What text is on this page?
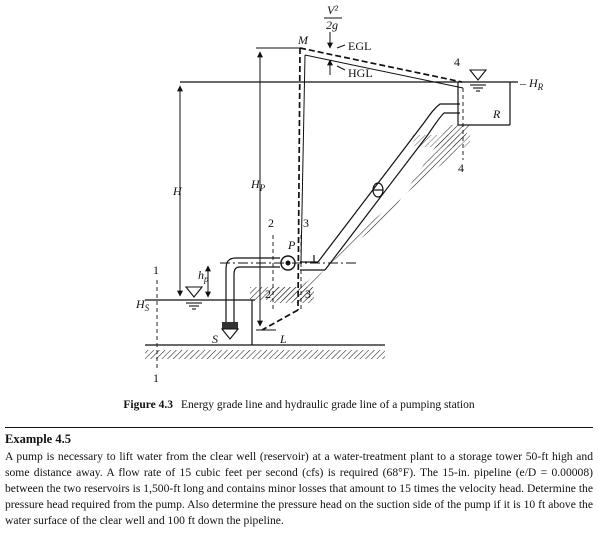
V²
2g
M	EGL
HGL
4
4
– $H_R$
R
H	$H_P$
2
2
3
3
P
1
1
$h_p$
$H_S$
S	L
Figure 4.3 Energy grade line and hydraulic grade line of a pumping station
Example 4.5

A pump is necessary to lift water from the clear well (reservoir) at a water-treatment plant to a storage tower 50-ft high and some distance away. A flow rate of 15 cubic feet per second (cfs) is required (68°F). The 15-in. pipeline (e/D = 0.00008) between the two reservoirs is 1,500-ft long and contains minor losses that amount to 15 times the velocity head. Determine the pressure head required from the pump. Also determine the pressure head on the suction side of the pump if it is 10 ft above the water surface of the clear well and 100 ft down the pipeline.
